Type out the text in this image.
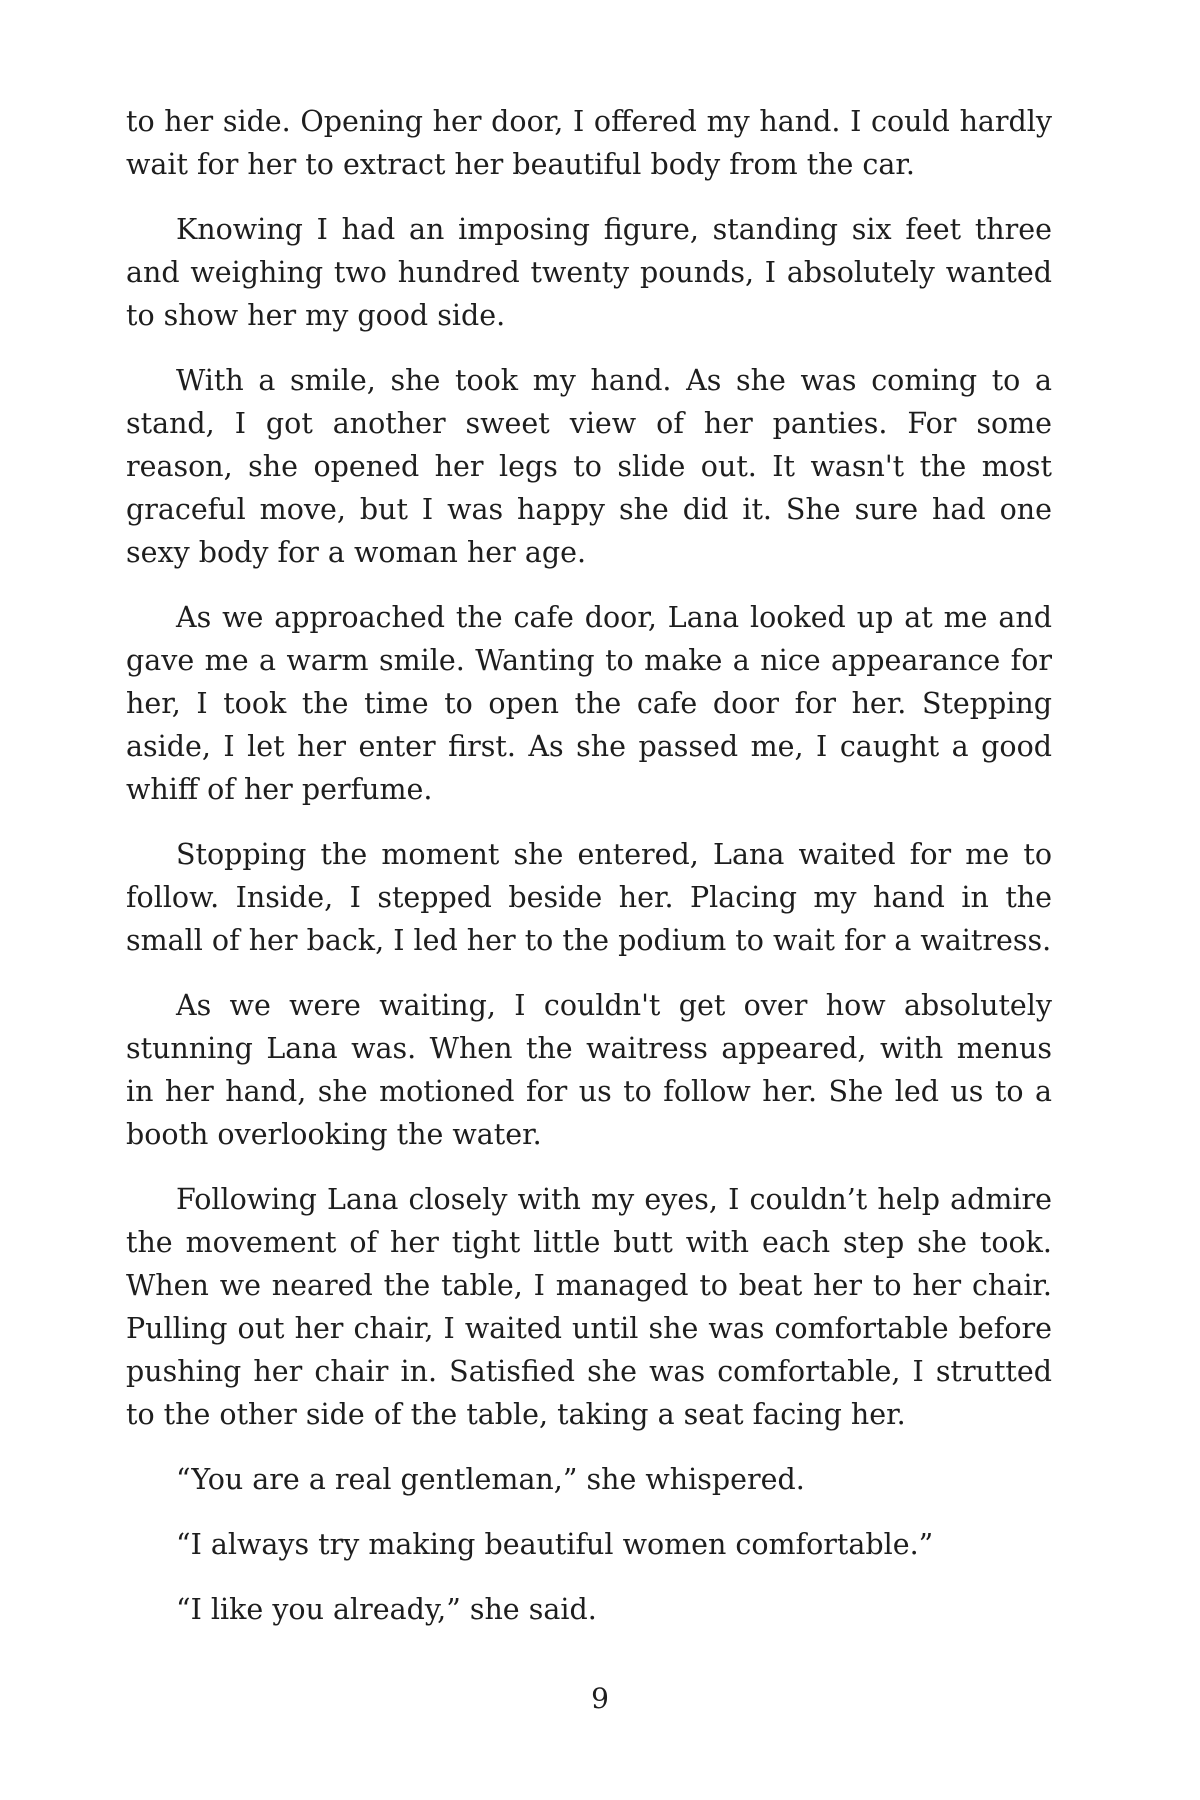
to her side. Opening her door, I offered my hand. I could hardly wait for her to extract her beautiful body from the car.

Knowing I had an imposing figure, standing six feet three and weighing two hundred twenty pounds, I absolutely wanted to show her my good side.

With a smile, she took my hand. As she was coming to a stand, I got another sweet view of her panties. For some reason, she opened her legs to slide out. It wasn't the most graceful move, but I was happy she did it. She sure had one sexy body for a woman her age.

As we approached the cafe door, Lana looked up at me and gave me a warm smile. Wanting to make a nice appearance for her, I took the time to open the cafe door for her. Stepping aside, I let her enter first. As she passed me, I caught a good whiff of her perfume.

Stopping the moment she entered, Lana waited for me to follow. Inside, I stepped beside her. Placing my hand in the small of her back, I led her to the podium to wait for a waitress.

As we were waiting, I couldn't get over how absolutely stunning Lana was. When the waitress appeared, with menus in her hand, she motioned for us to follow her. She led us to a booth overlooking the water.

Following Lana closely with my eyes, I couldn’t help admire the movement of her tight little butt with each step she took. When we neared the table, I managed to beat her to her chair. Pulling out her chair, I waited until she was comfortable before pushing her chair in. Satisfied she was comfortable, I strutted to the other side of the table, taking a seat facing her.

“You are a real gentleman,” she whispered.

“I always try making beautiful women comfortable.”

“I like you already,” she said.

9
